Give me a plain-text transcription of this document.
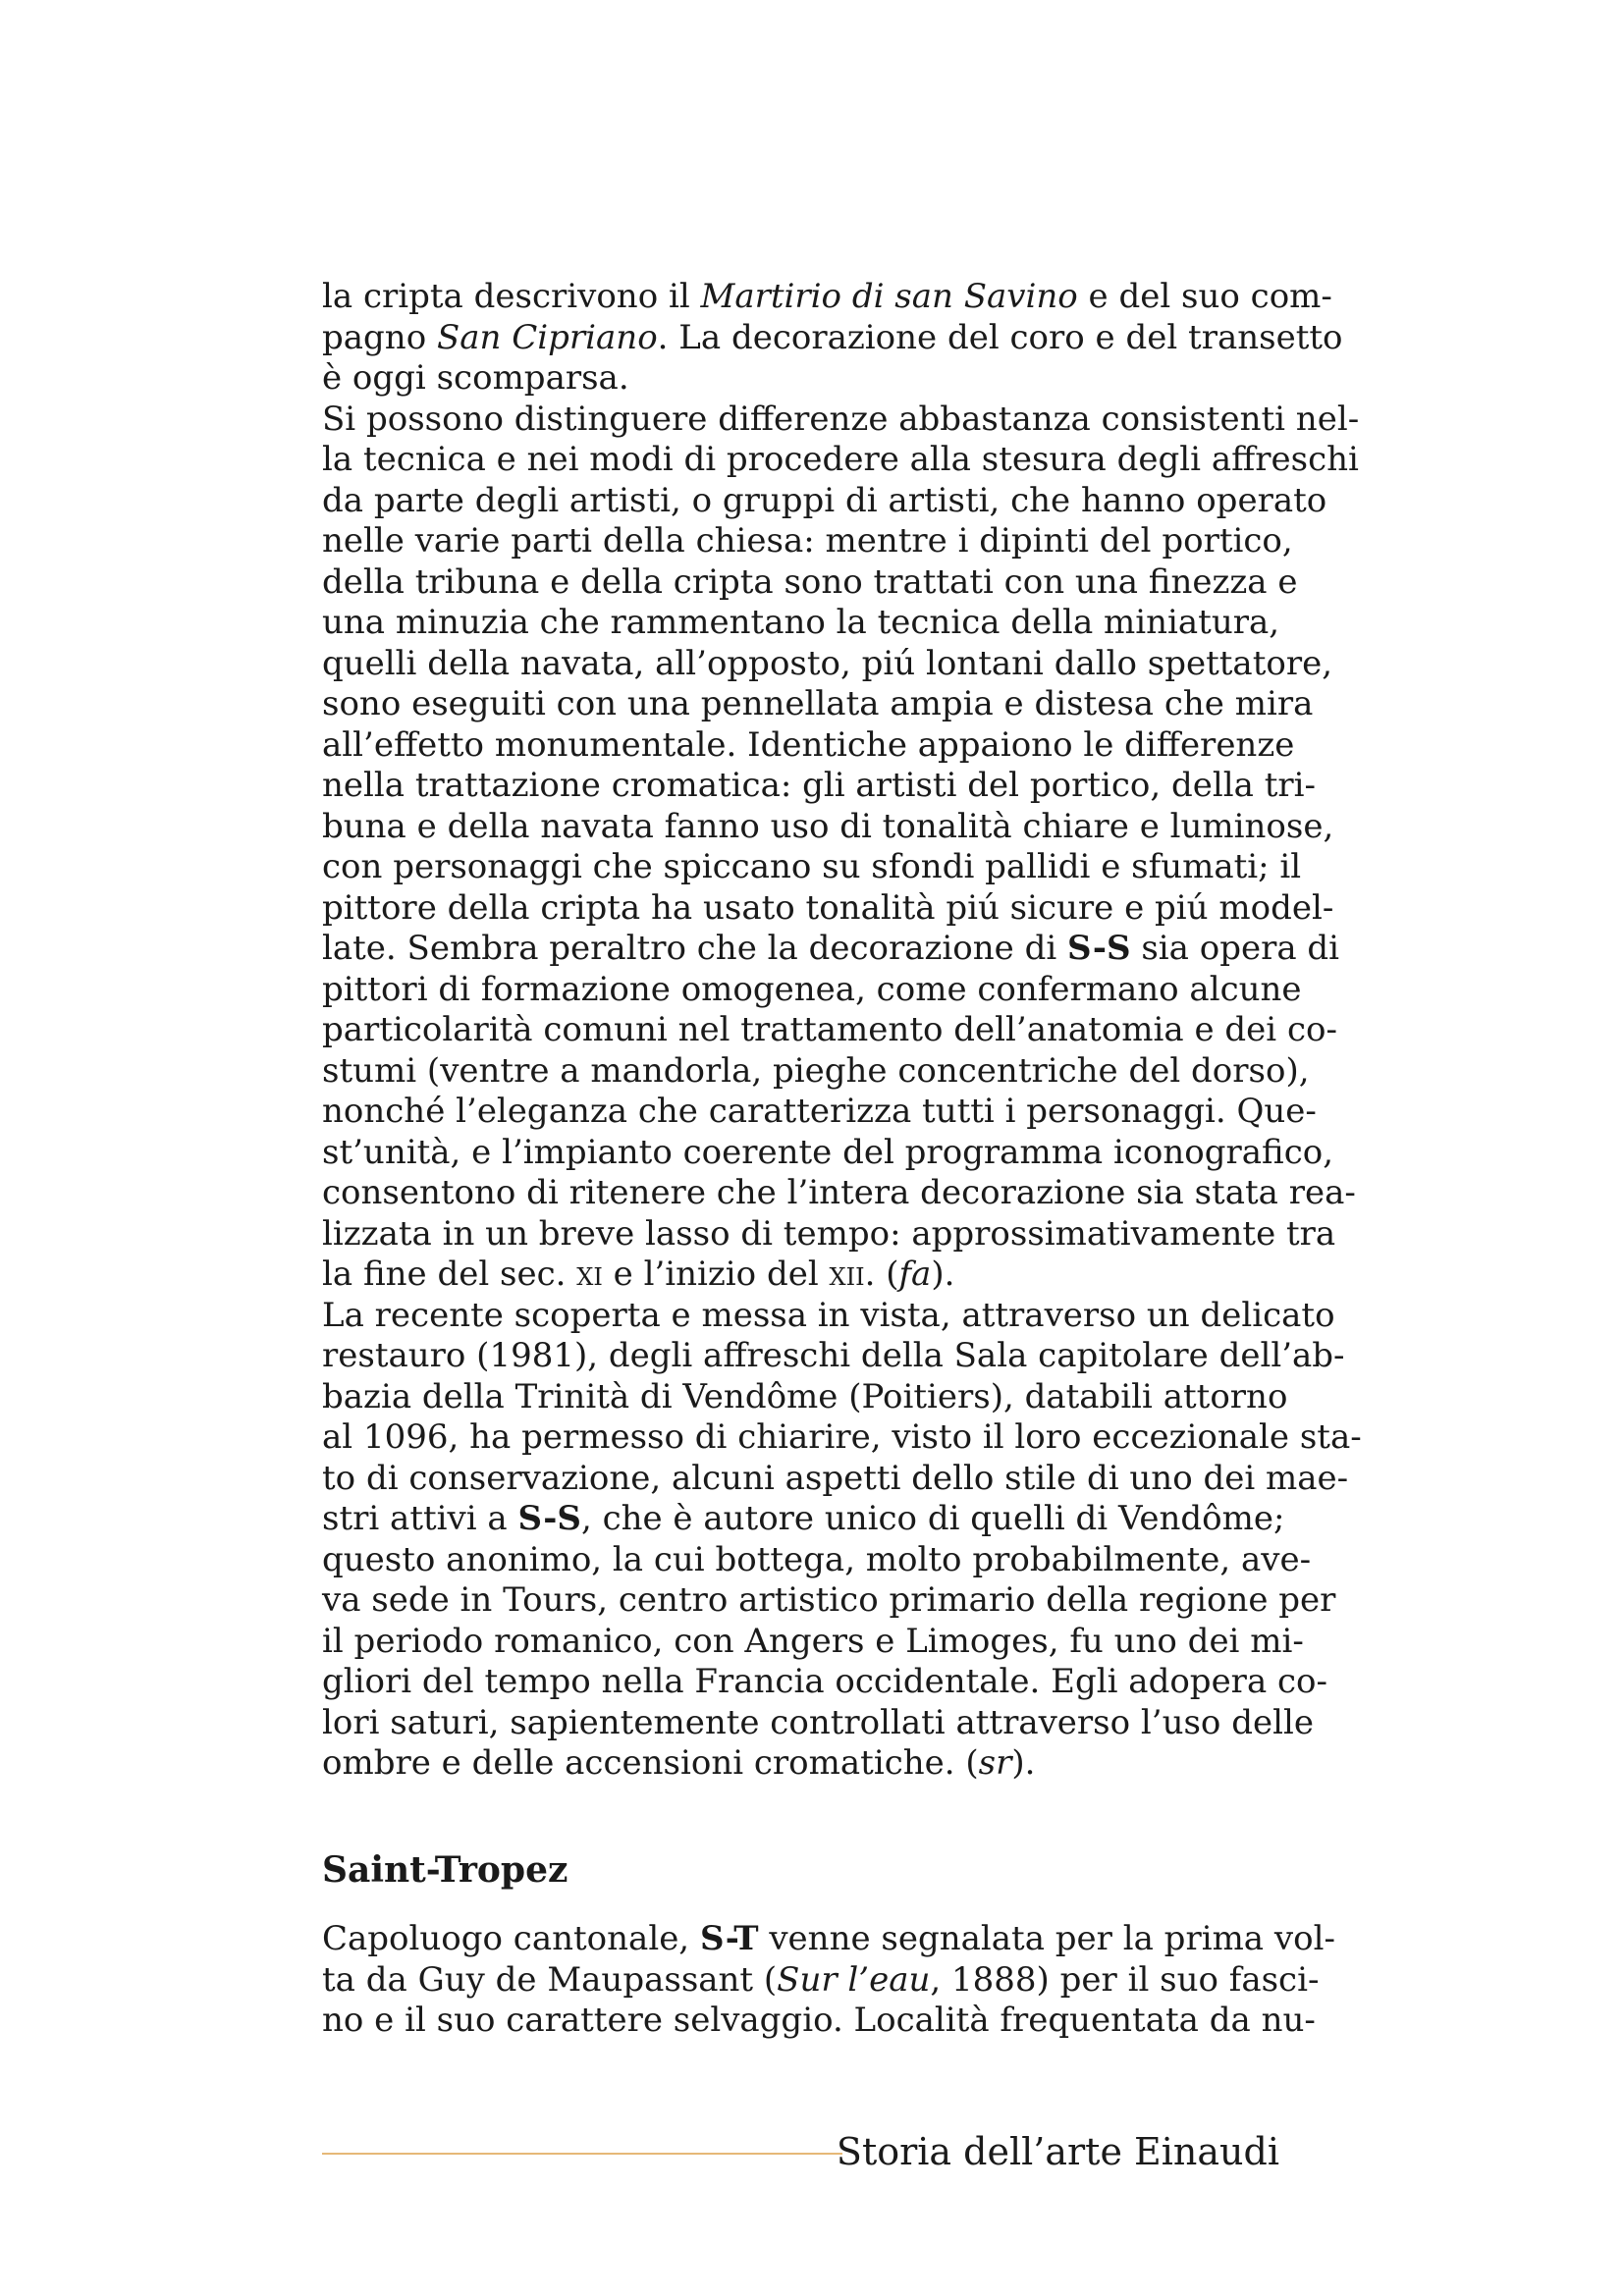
la cripta descrivono il Martirio di san Savino e del suo com-
pagno San Cipriano. La decorazione del coro e del transetto
è oggi scomparsa.
Si possono distinguere differenze abbastanza consistenti nel-
la tecnica e nei modi di procedere alla stesura degli affreschi
da parte degli artisti, o gruppi di artisti, che hanno operato
nelle varie parti della chiesa: mentre i dipinti del portico,
della tribuna e della cripta sono trattati con una finezza e
una minuzia che rammentano la tecnica della miniatura,
quelli della navata, all’opposto, piú lontani dallo spettatore,
sono eseguiti con una pennellata ampia e distesa che mira
all’effetto monumentale. Identiche appaiono le differenze
nella trattazione cromatica: gli artisti del portico, della tri-
buna e della navata fanno uso di tonalità chiare e luminose,
con personaggi che spiccano su sfondi pallidi e sfumati; il
pittore della cripta ha usato tonalità piú sicure e piú model-
late. Sembra peraltro che la decorazione di S-S sia opera di
pittori di formazione omogenea, come confermano alcune
particolarità comuni nel trattamento dell’anatomia e dei co-
stumi (ventre a mandorla, pieghe concentriche del dorso),
nonché l’eleganza che caratterizza tutti i personaggi. Que-
st’unità, e l’impianto coerente del programma iconografico,
consentono di ritenere che l’intera decorazione sia stata rea-
lizzata in un breve lasso di tempo: approssimativamente tra
la fine del sec. xi e l’inizio del xii. (fa).
La recente scoperta e messa in vista, attraverso un delicato
restauro (1981), degli affreschi della Sala capitolare dell’ab-
bazia della Trinità di Vendôme (Poitiers), databili attorno
al 1096, ha permesso di chiarire, visto il loro eccezionale sta-
to di conservazione, alcuni aspetti dello stile di uno dei mae-
stri attivi a S-S, che è autore unico di quelli di Vendôme;
questo anonimo, la cui bottega, molto probabilmente, ave-
va sede in Tours, centro artistico primario della regione per
il periodo romanico, con Angers e Limoges, fu uno dei mi-
gliori del tempo nella Francia occidentale. Egli adopera co-
lori saturi, sapientemente controllati attraverso l’uso delle
ombre e delle accensioni cromatiche. (sr).
Saint-Tropez
Capoluogo cantonale, S-T venne segnalata per la prima vol-
ta da Guy de Maupassant (Sur l’eau, 1888) per il suo fasci-
no e il suo carattere selvaggio. Località frequentata da nu-
Storia dell’arte Einaudi
